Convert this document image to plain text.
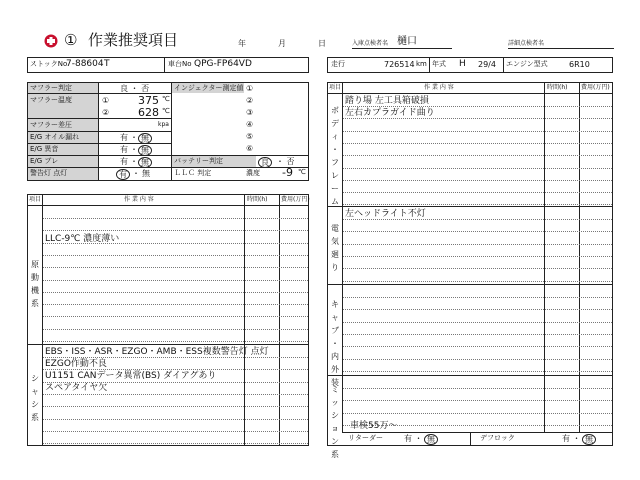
① 作業推奨項目	年	月	日	入庫点検者名 樋口	詳細点検者名
ストックNo
7-88604 T	車台No QPG-FP64VD	走行	726514 km 年式 H 29/4 エンジン型式	6R10
マフラー判定	良 ・ 否
マフラー温度	①	375 ℃
②	628 ℃
マフラー差圧	kpa
E/G オイル漏れ	有 ・ 無
E/G 異音	有 ・ 無
E/G ブレ	有 ・ 無
警告灯 点灯	有 ・ 無
インジェクター測定値 ①
②
③
④
⑤
⑥
バッテリー判定	良 ・ 否
ＬＬＣ 判定	濃度 -9 ℃
項目	作 業 内 容	時間(h) 費用(万円)
原
動
機
系
LLC-9℃ 濃度薄い
シ
ャ
シ
系
EBS・ISS・ASR・EZGO・AMB・ESS複数警告灯 点灯
EZGO作動不良
U1151 CANデータ異常(BS) ダイアグあり
スペアタイヤ欠
項目	作 業 内 容	時間(h) 費用(万円)
ボ
デ
ィ
・
フ
レ
ー
ム
踏り場 左工具箱破損
左右カプラガイド曲り
電
気
廻
り
左ヘッドライト不灯
キ
ャ
ブ
・
内
外
装
ミ
ッ
シ
ョ
ン
系
車検55万～
リターダー	有 ・ 無	デフロック	有 ・ 無
